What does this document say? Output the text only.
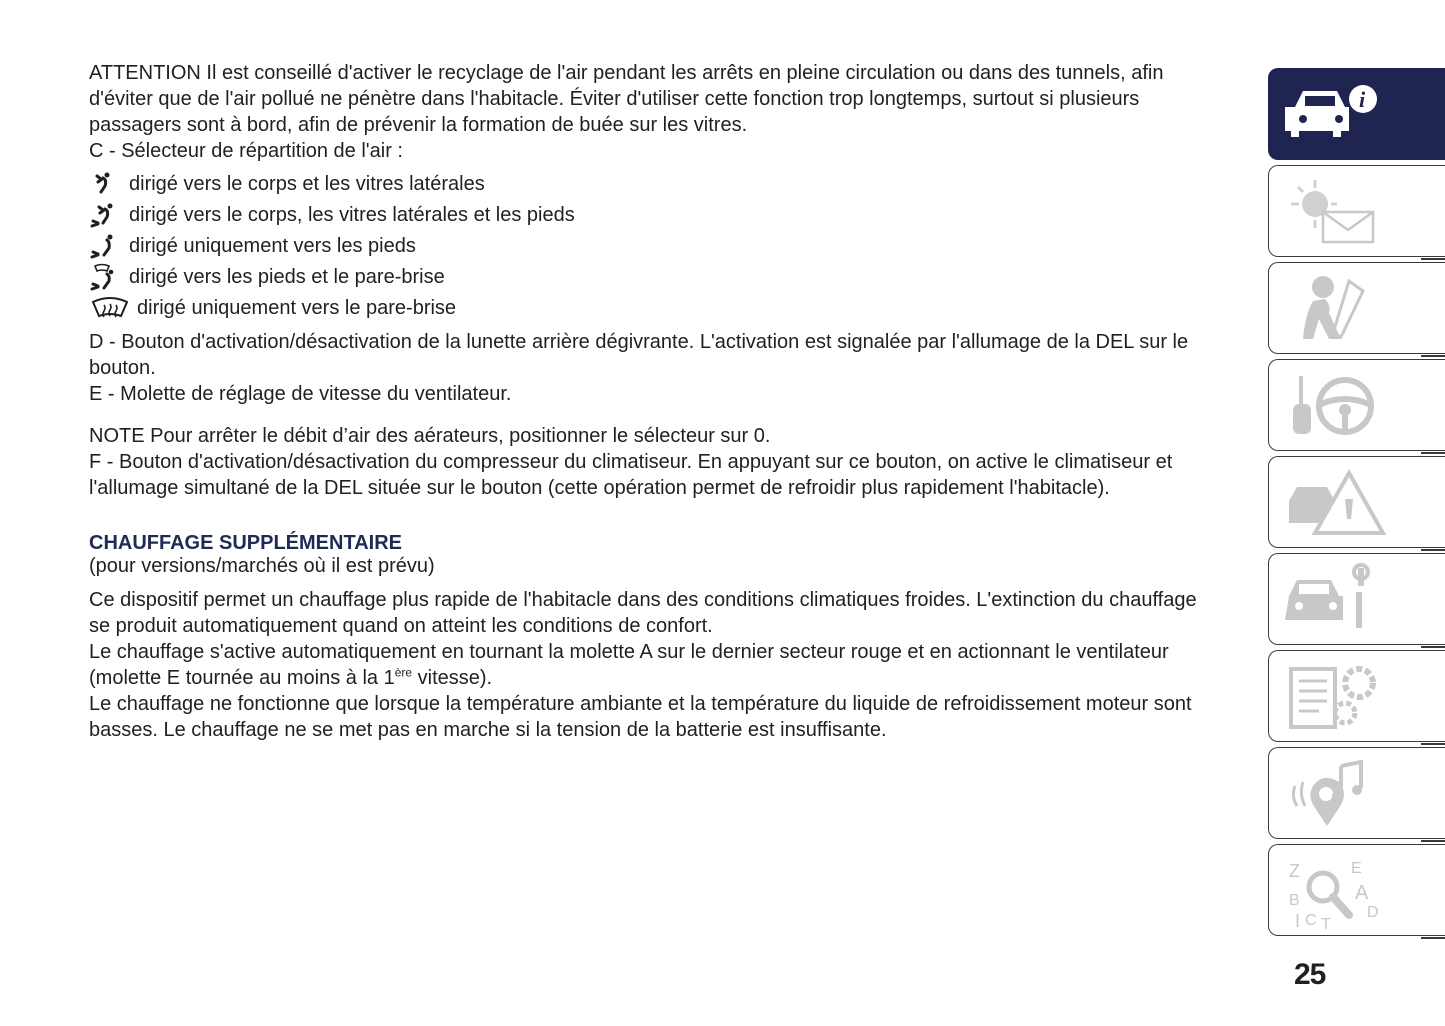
ATTENTION Il est conseillé d'activer le recyclage de l'air pendant les arrêts en pleine circulation ou dans des tunnels, afin

d'éviter que de l'air pollué ne pénètre dans l'habitacle. Éviter d'utiliser cette fonction trop longtemps, surtout si plusieurs

passagers sont à bord, afin de prévenir la formation de buée sur les vitres.

C - Sélecteur de répartition de l'air :

dirigé vers le corps et les vitres latérales
dirigé vers le corps, les vitres latérales et les pieds
dirigé uniquement vers les pieds
dirigé vers les pieds et le pare-brise
dirigé uniquement vers le pare-brise

D - Bouton d'activation/désactivation de la lunette arrière dégivrante. L'activation est signalée par l'allumage de la DEL sur le

bouton.

E - Molette de réglage de vitesse du ventilateur.

NOTE Pour arrêter le débit d’air des aérateurs, positionner le sélecteur sur 0.

F - Bouton d'activation/désactivation du compresseur du climatiseur. En appuyant sur ce bouton, on active le climatiseur et

l'allumage simultané de la DEL située sur le bouton (cette opération permet de refroidir plus rapidement l'habitacle).

CHAUFFAGE SUPPLÉMENTAIRE

(pour versions/marchés où il est prévu)

Ce dispositif permet un chauffage plus rapide de l'habitacle dans des conditions climatiques froides. L'extinction du chauffage

se produit automatiquement quand on atteint les conditions de confort.

Le chauffage s'active automatiquement en tournant la molette A sur le dernier secteur rouge et en actionnant le ventilateur

(molette E tournée au moins à la 1ère vitesse).

Le chauffage ne fonctionne que lorsque la température ambiante et la température du liquide de refroidissement moteur sont

basses. Le chauffage ne se met pas en marche si la tension de la batterie est insuffisante.

i
Z	E
B	A
I C T
D
25
